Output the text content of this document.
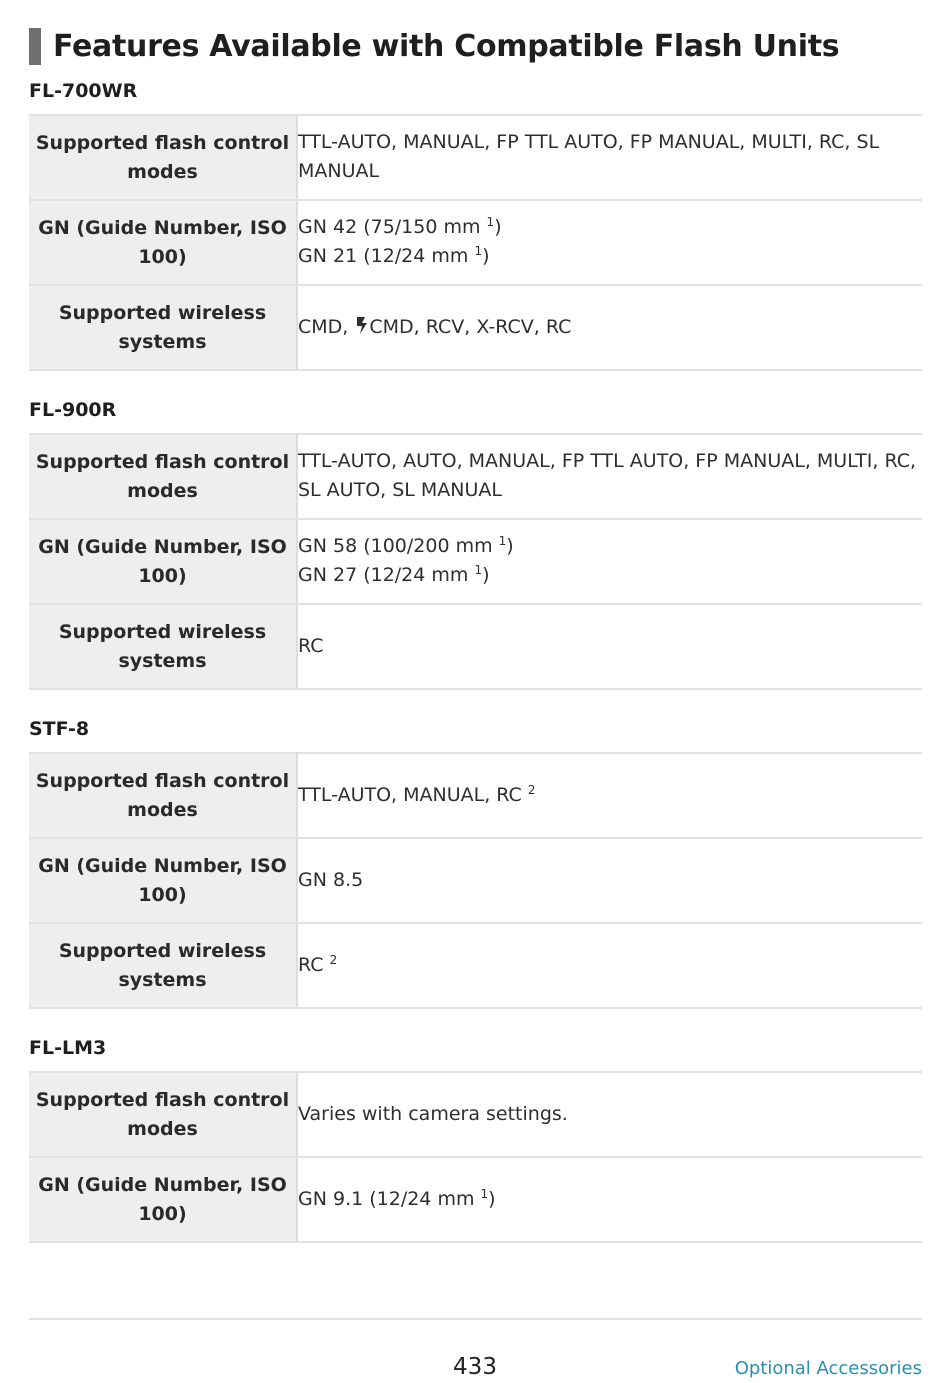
Features Available with Compatible Flash Units
FL-700WR
Supported flash control modes	TTL-AUTO, MANUAL, FP TTL AUTO, FP MANUAL, MULTI, RC, SL MANUAL
GN (Guide Number, ISO 100)	GN 42 (75/150 mm $^1$)
GN 21 (12/24 mm $^1$)

Supported wireless systems	CMD, CMD, RCV, X-RCV, RC
FL-900R
Supported flash control modes	TTL-AUTO, AUTO, MANUAL, FP TTL AUTO, FP MANUAL, MULTI, RC, SL AUTO, SL MANUAL
GN (Guide Number, ISO 100)	GN 58 (100/200 mm $^1$)
GN 27 (12/24 mm $^1$)

Supported wireless systems	RC
STF-8
Supported flash control modes	TTL-AUTO, MANUAL, RC $^2$
GN (Guide Number, ISO 100)	GN 8.5
Supported wireless systems	RC $^2$
FL-LM3
Supported flash control modes	Varies with camera settings.
GN (Guide Number, ISO 100)	GN 9.1 (12/24 mm $^1$)
433	Optional Accessories
